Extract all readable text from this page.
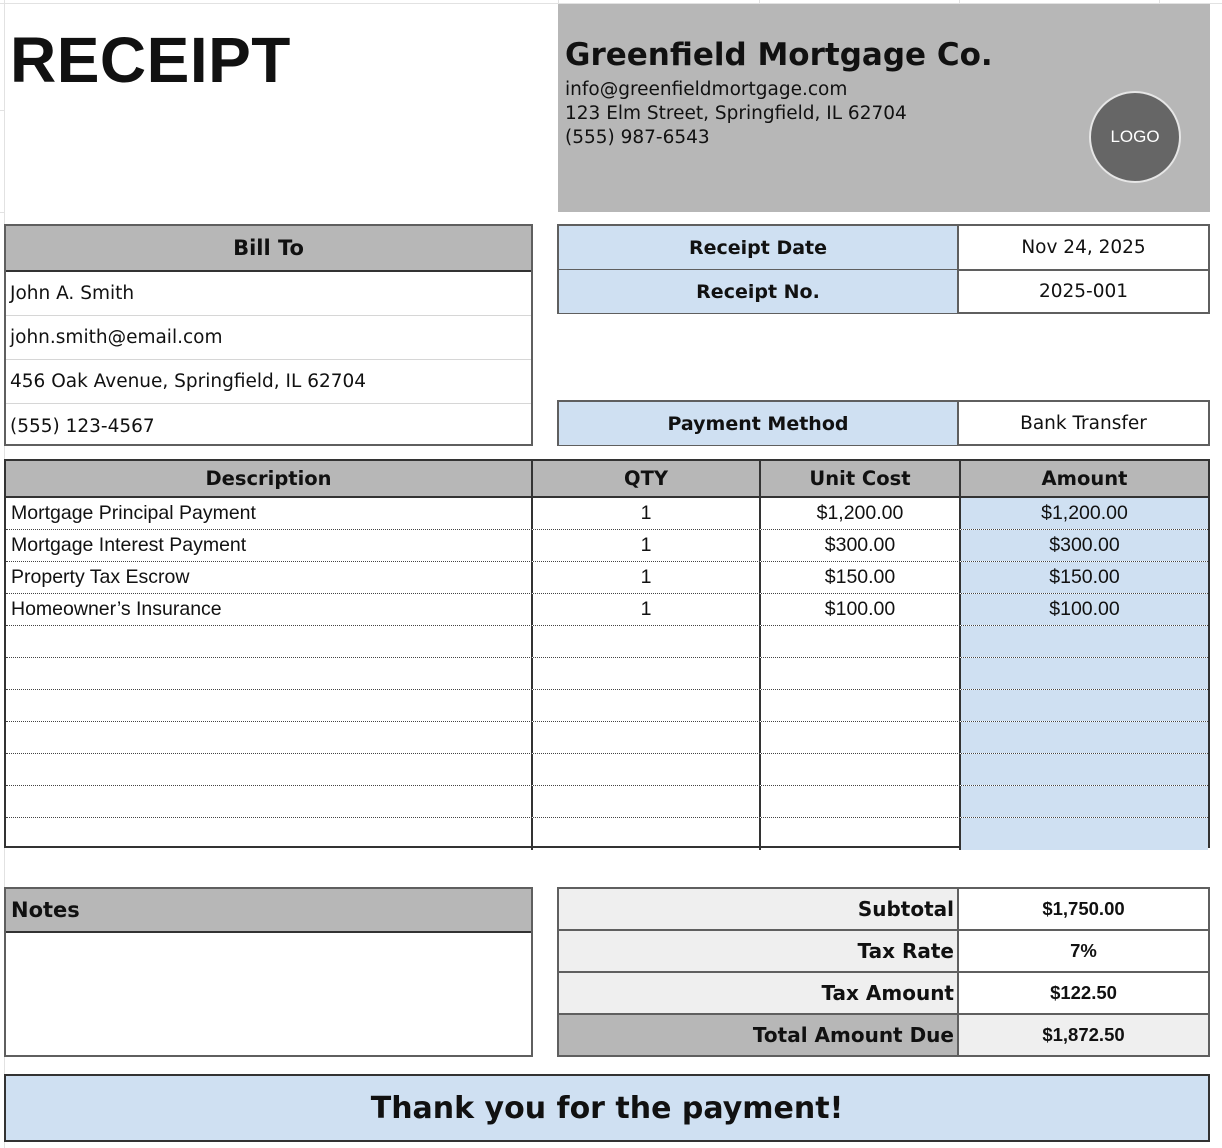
RECEIPT	Greenfield Mortgage Co.
info@greenfieldmortgage.com
123 Elm Street, Springfield, IL 62704
(555) 987-6543	LOGO
Bill To
John A. Smith
john.smith@email.com
456 Oak Avenue, Springfield, IL 62704
(555) 123-4567
Receipt Date	Nov 24, 2025
Receipt No.	2025-001
Payment Method	Bank Transfer
Description	QTY	Unit Cost	Amount
Mortgage Principal Payment	1	$1,200.00	$1,200.00
Mortgage Interest Payment	1	$300.00	$300.00
Property Tax Escrow	1	$150.00	$150.00
Homeowner’s Insurance	1	$100.00	$100.00
Notes	Subtotal	$1,750.00
Tax Rate	7%
Tax Amount	$122.50
Total Amount Due	$1,872.50
Thank you for the payment!
